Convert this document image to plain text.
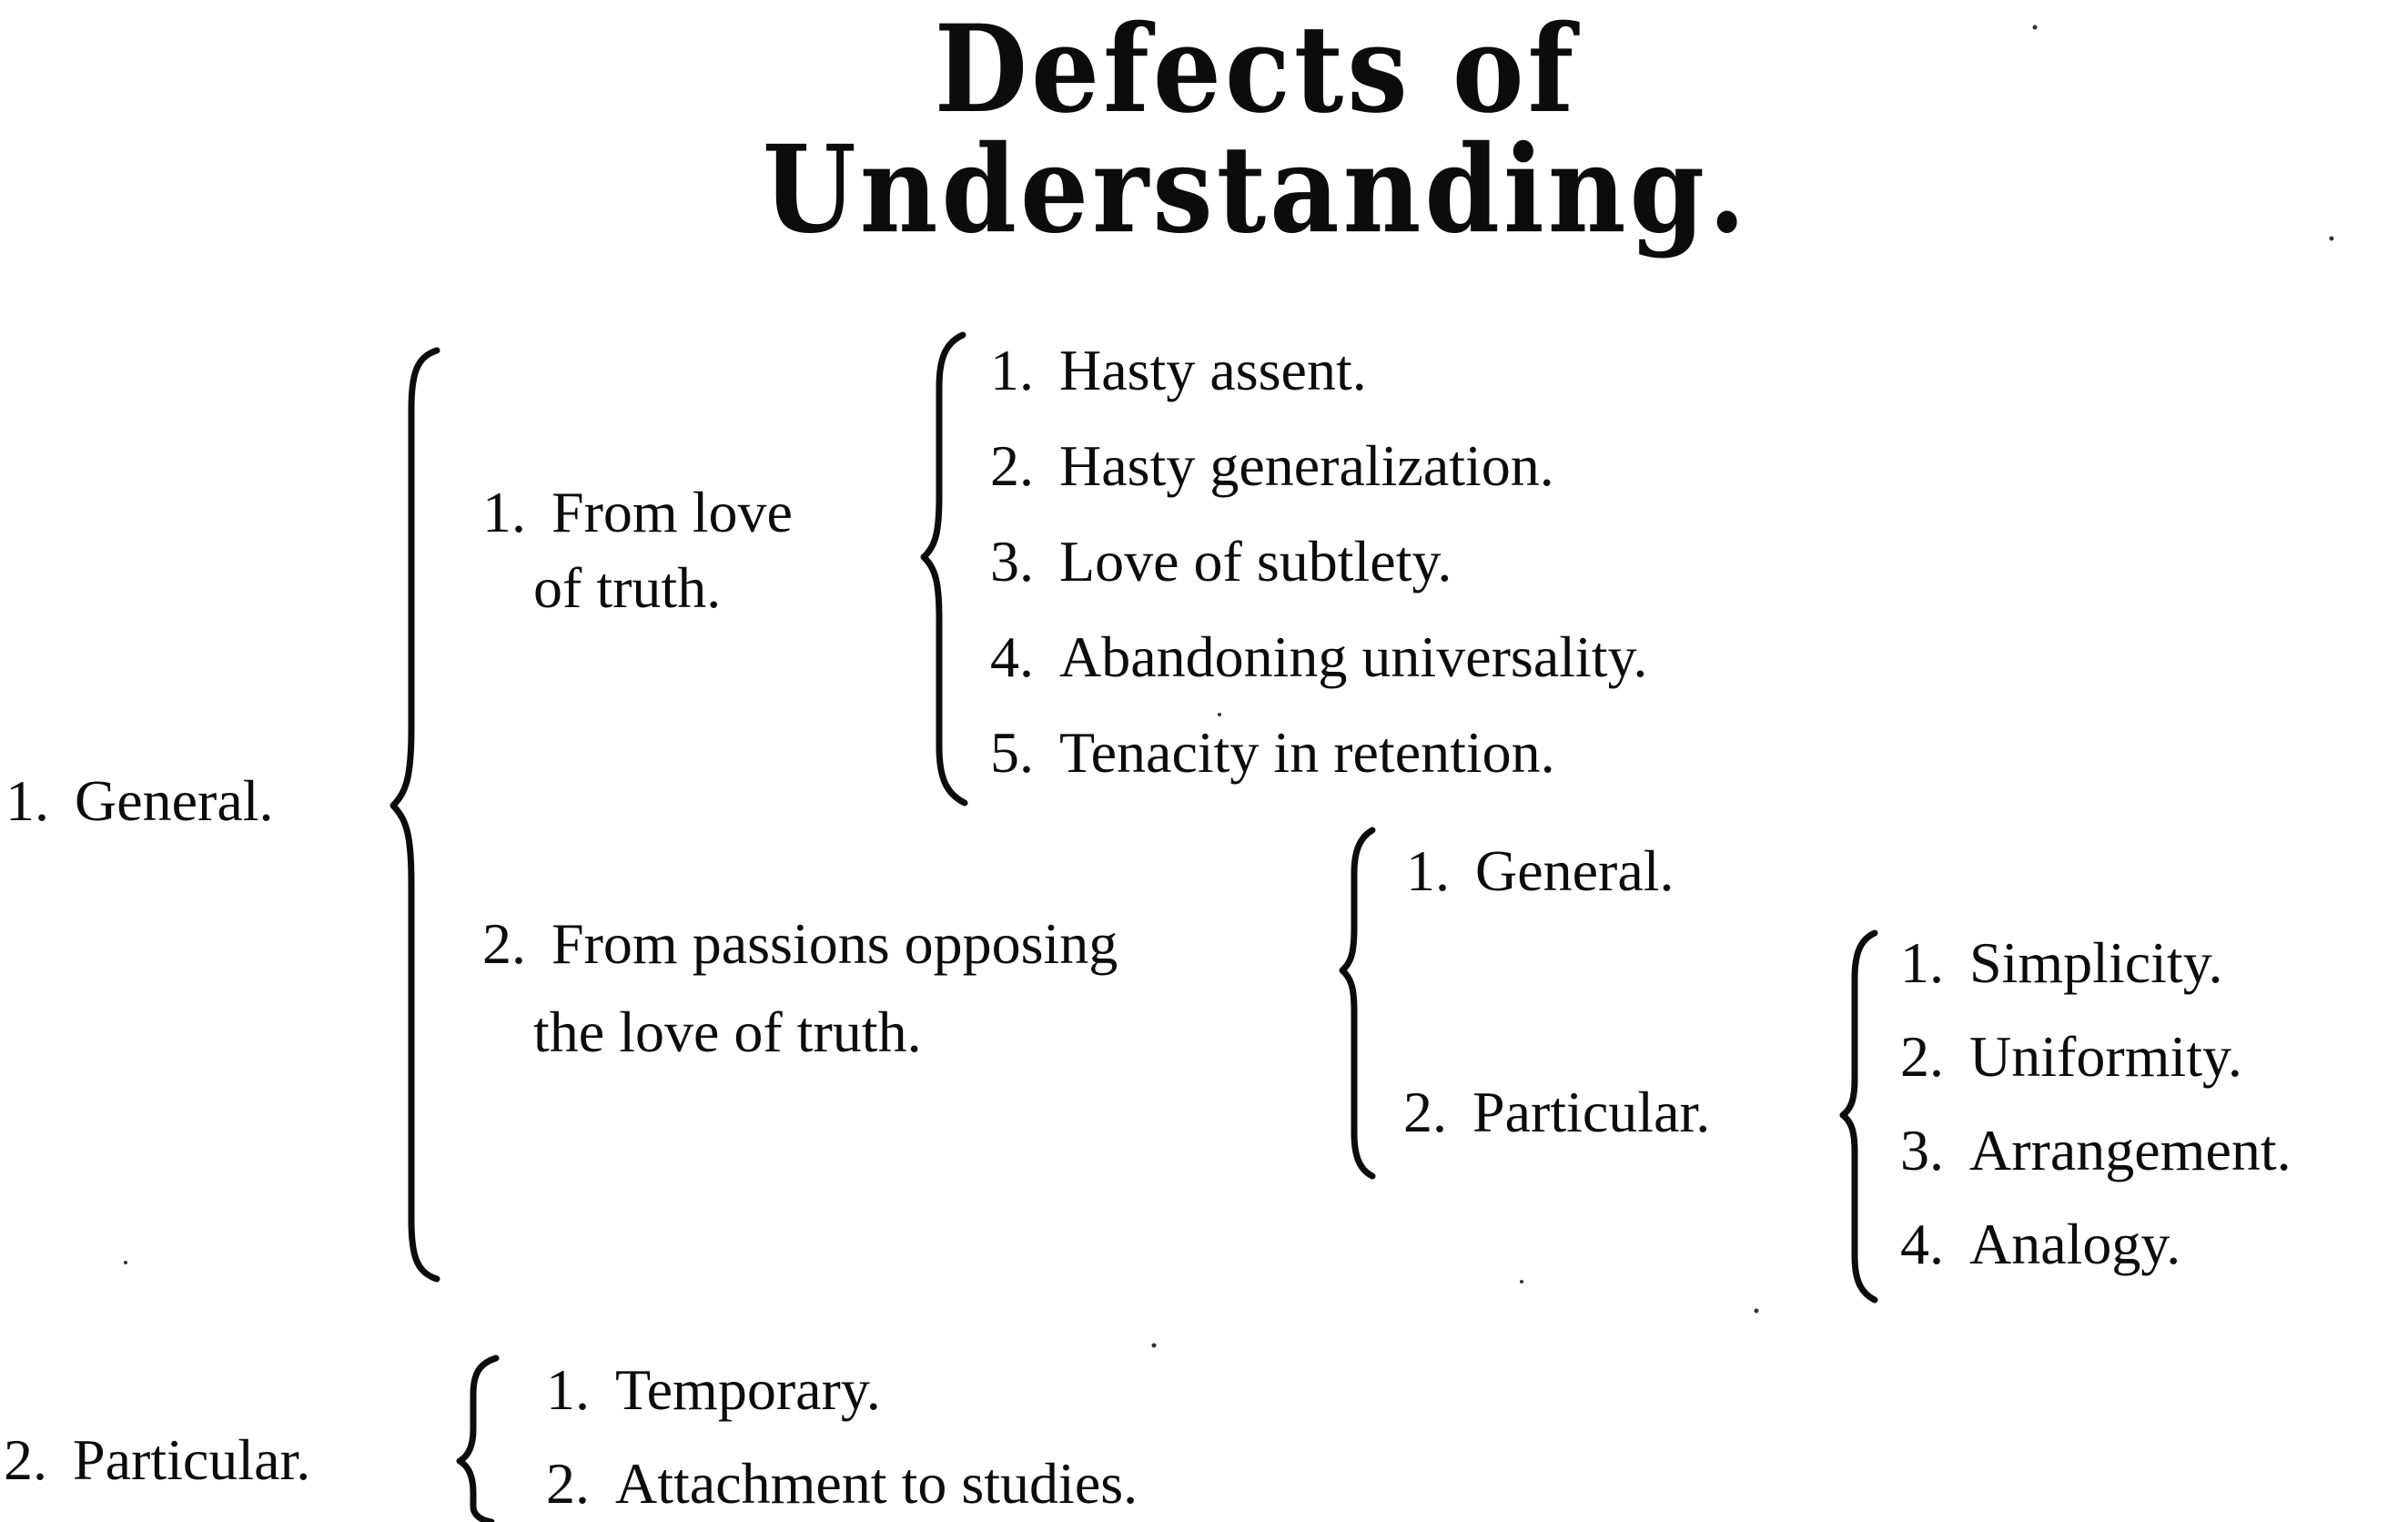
Defects of Understanding.
1. General.
1. From love
of truth.
1. Hasty assent.
2. Hasty generalization.
3. Love of subtlety.
4. Abandoning universality.
5. Tenacity in retention.
2. From passions opposing
the love of truth.
1. General.
2. Particular.
1. Simplicity.
2. Uniformity.
3. Arrangement.
4. Analogy.
2. Particular.
1. Temporary.
2. Attachment to studies.
